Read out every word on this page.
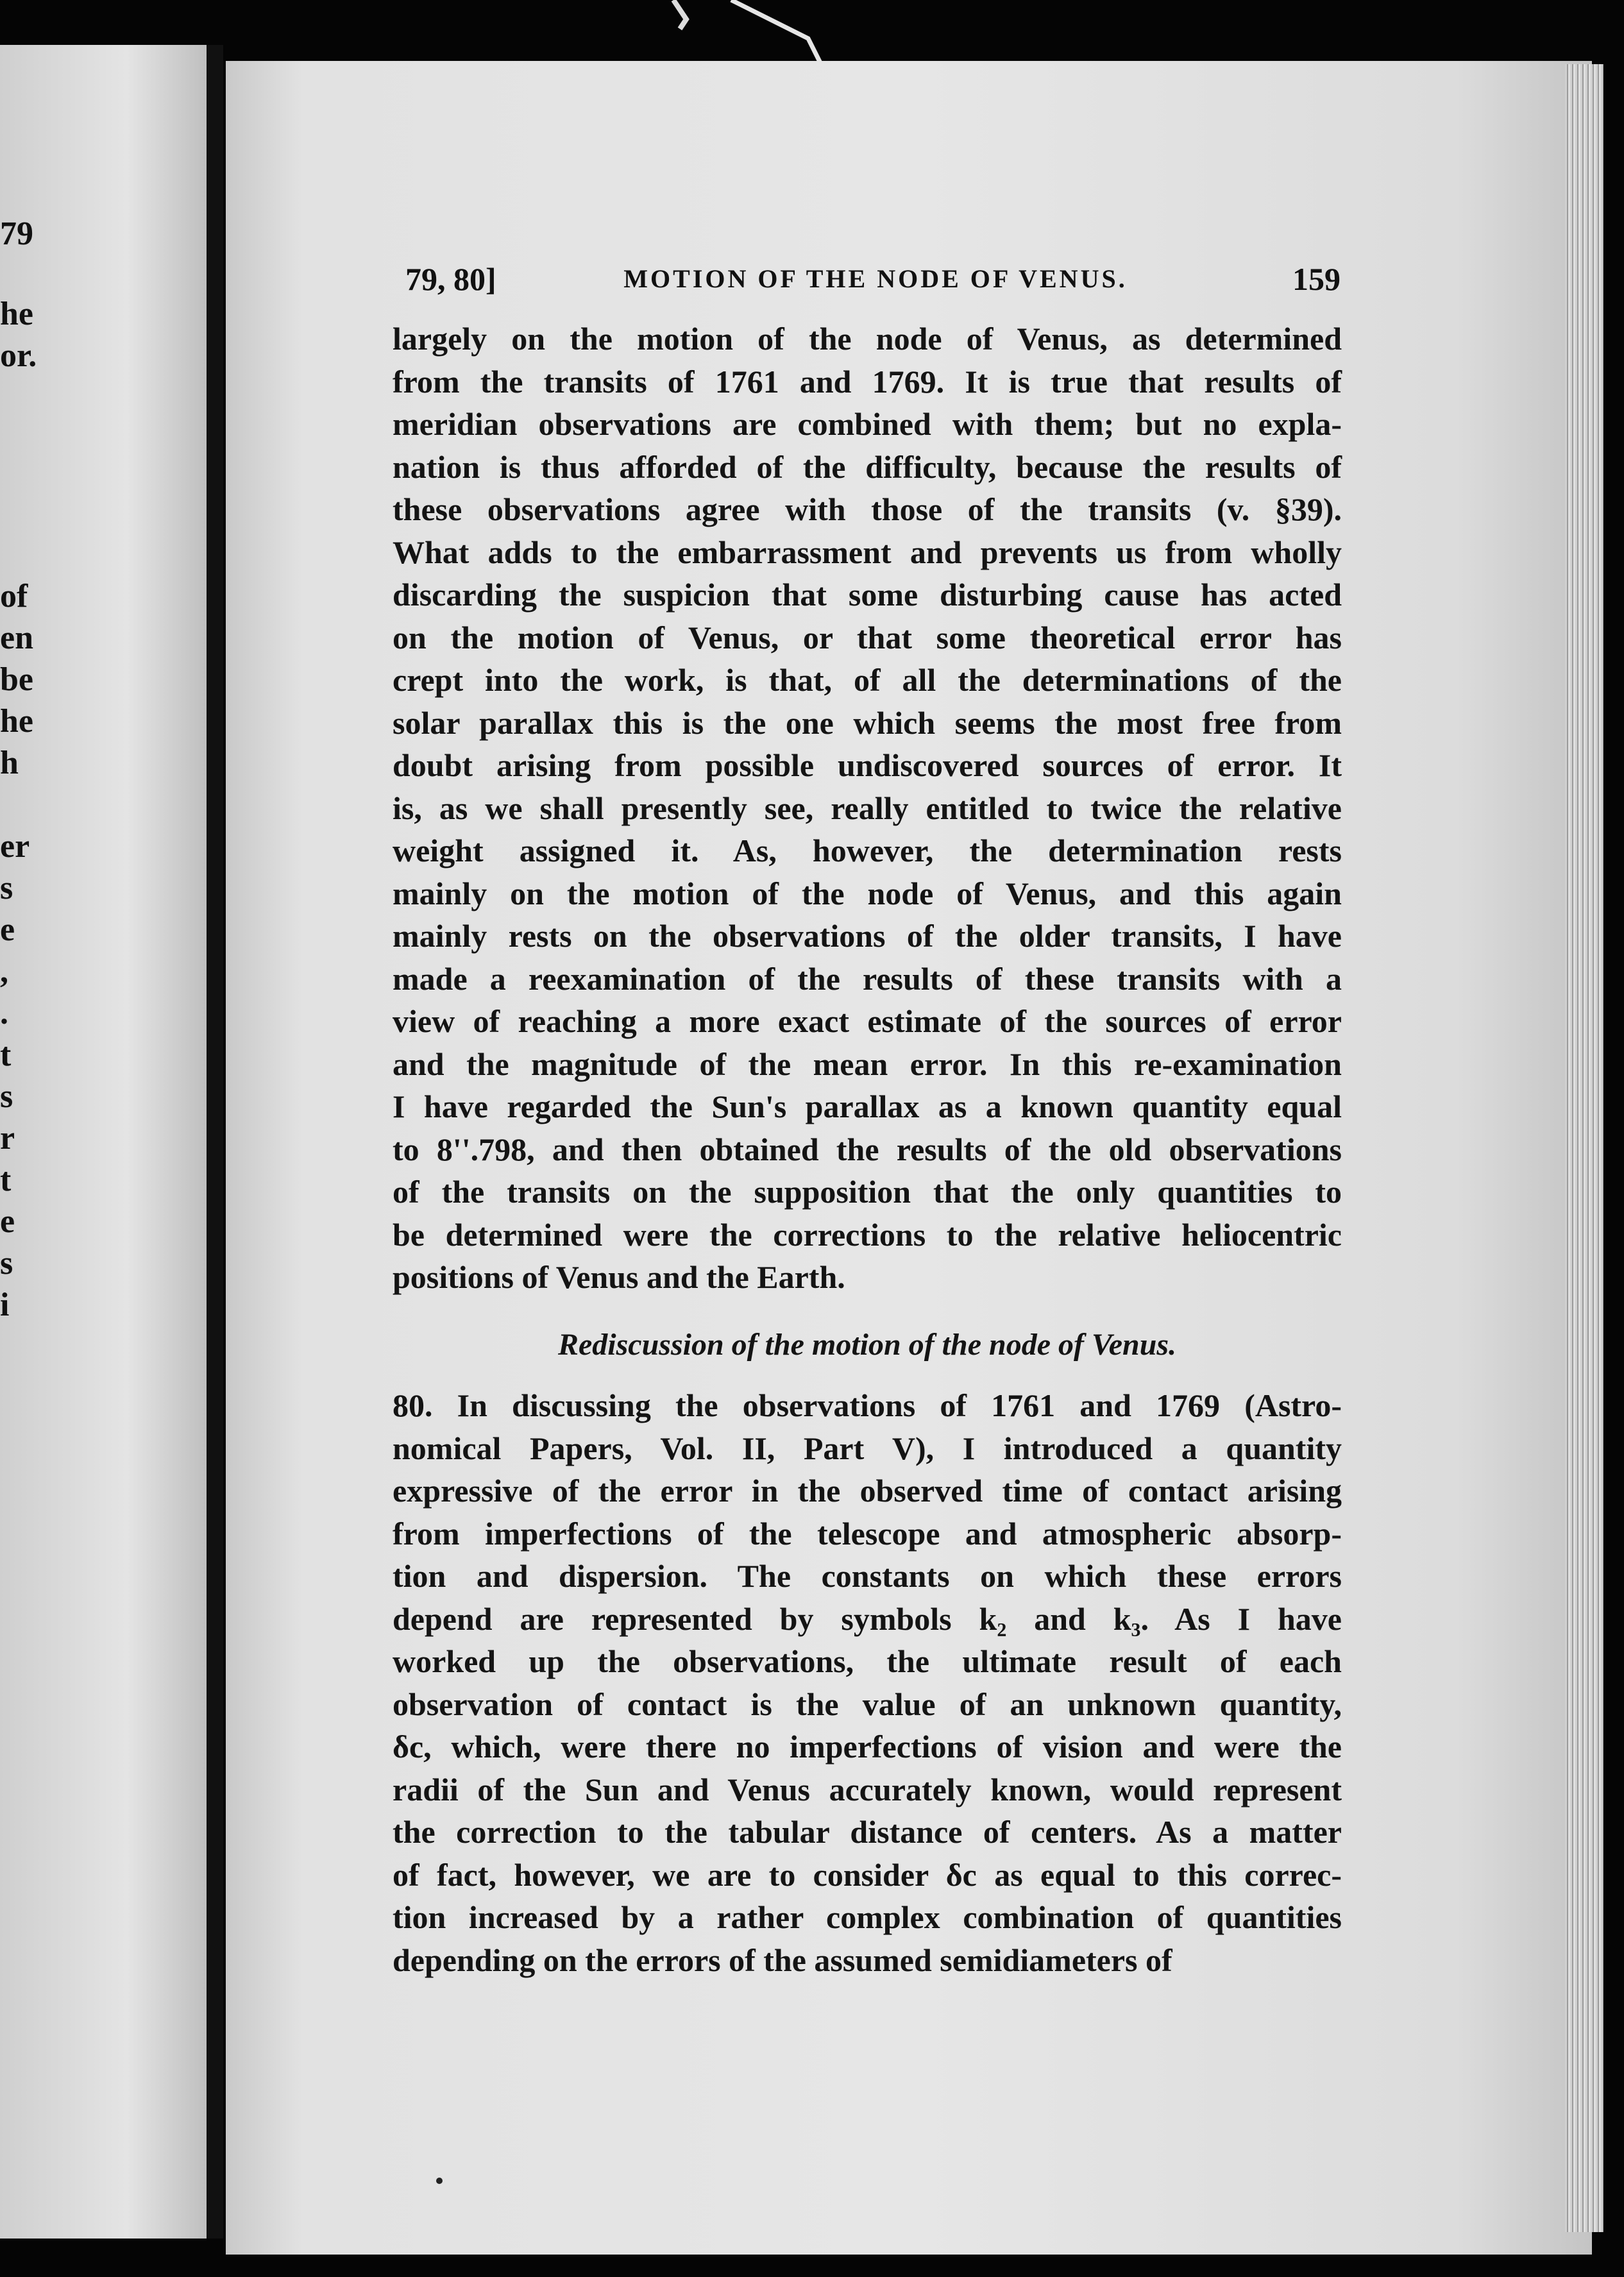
79
he
or.
of
en
be
he
h
er
s
e
,
.
t
s
r
t
e
s
i
79, 80]	MOTION OF THE NODE OF VENUS.	159
largely on the motion of the node of Venus, as determined
from the transits of 1761 and 1769. It is true that results of
meridian observations are combined with them; but no expla-
nation is thus afforded of the difficulty, because the results of
these observations agree with those of the transits (v. §39).
What adds to the embarrassment and prevents us from wholly
discarding the suspicion that some disturbing cause has acted
on the motion of Venus, or that some theoretical error has
crept into the work, is that, of all the determinations of the
solar parallax this is the one which seems the most free from
doubt arising from possible undiscovered sources of error. It
is, as we shall presently see, really entitled to twice the relative
weight assigned it. As, however, the determination rests
mainly on the motion of the node of Venus, and this again
mainly rests on the observations of the older transits, I have
made a reexamination of the results of these transits with a
view of reaching a more exact estimate of the sources of error
and the magnitude of the mean error. In this re-examination
I have regarded the Sun's parallax as a known quantity equal
to 8''.798, and then obtained the results of the old observations
of the transits on the supposition that the only quantities to
be determined were the corrections to the relative heliocentric
positions of Venus and the Earth.
Rediscussion of the motion of the node of Venus.
80. In discussing the observations of 1761 and 1769 (Astro-
nomical Papers, Vol. II, Part V), I introduced a quantity
expressive of the error in the observed time of contact arising
from imperfections of the telescope and atmospheric absorp-
tion and dispersion. The constants on which these errors
depend are represented by symbols k₂ and k₃. As I have
worked up the observations, the ultimate result of each
observation of contact is the value of an unknown quantity,
δc, which, were there no imperfections of vision and were the
radii of the Sun and Venus accurately known, would represent
the correction to the tabular distance of centers. As a matter
of fact, however, we are to consider δc as equal to this correc-
tion increased by a rather complex combination of quantities
depending on the errors of the assumed semidiameters of
